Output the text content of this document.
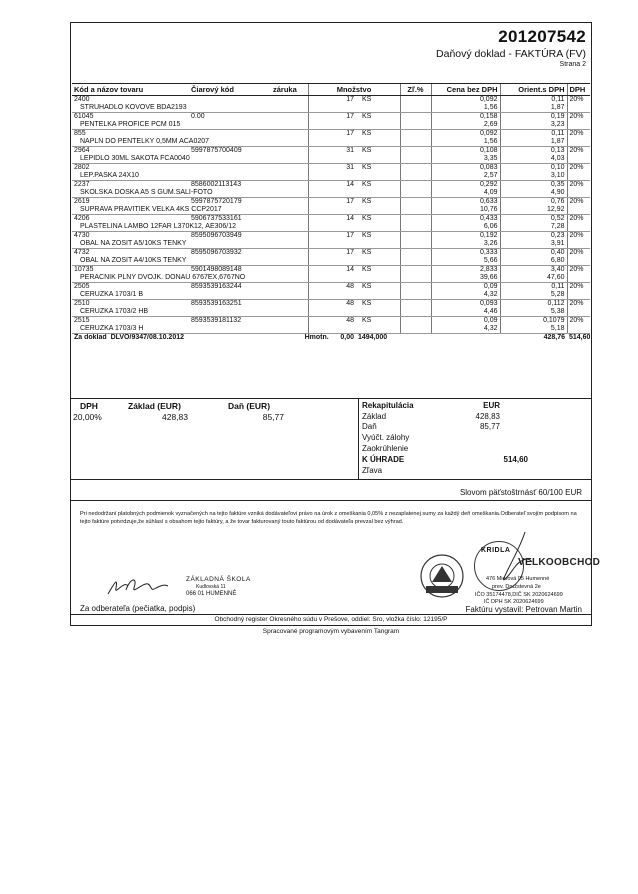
201207542
Daňový doklad - FAKTÚRA (FV)
Strana 2
Kód a názov tovaru	Čiarový kód	záruka	Množstvo		Zľ.%	Cena bez DPH	Orient.s DPH	DPH
2400			17	KS		0,092	0,11	20%
STRUHADLO KOVOVE BDA2193						1,56	1,87	
61045	0.00		17	KS		0,158	0,19	20%
PENTELKA PROFICE PCM 015						2,69	3,23	
855			17	KS		0,092	0,11	20%
NÁPLŇ DO PENTELKY 0,5MM ACA0207						1,56	1,87	
2964	5997875700409		31	KS		0,108	0,13	20%
LEPIDLO 30ML SAKOTA FCA0040						3,35	4,03	
2802			31	KS		0,083	0,10	20%
LEP.PASKA 24X10						2,57	3,10	
2237	8586002113143		14	KS		0,292	0,35	20%
ŠKOLSKÁ DOSKA A5 S GUM.SALI-FOTO						4,09	4,90	
2619	5997875720179		17	KS		0,633	0,76	20%
SUPRAVA PRAVITIEK VELKA 4KS CCP2017						10,76	12,92	
4206	5906737533161		14	KS		0,433	0,52	20%
PLASTELINA LAMBO 12FAR L370K12, AE306/12						6,06	7,28	
4730	8595096703949		17	KS		0,192	0,23	20%
OBAL NA ZOSIT A5/10KS TENKÝ						3,26	3,91	
4732	8595096703932		17	KS		0,333	0,40	20%
OBAL NA ZOŠIT A4/10KS TENKÝ						5,66	6,80	
10735	5901498089148		14	KS		2,833	3,40	20%
PERACNIK PLNY DVOJK. DONAU 6767EX,6767NO						39,66	47,60	
2505	8593539163244		48	KS		0,09	0,11	20%
CERUZKA 1703/1 B						4,32	5,28	
2510	8593539163251		48	KS		0,093	0,112	20%
CERUZKA 1703/2 HB						4,46	5,38	
2515	8593539181132		48	KS		0,09	0,1079	20%
CERUZKA 1703/3 H						4,32	5,18	
Za doklad DLVO/9347/08.10.2012		Hmotn. 0,00		1494,000			428,76	514,60
DPH	Základ (EUR)	Daň (EUR)
20,00%	428,83	85,77
Rekapitulácia	EUR
Základ	428,83
Daň	85,77
Vyúčt. zálohy
Zaokrúhlenie
K ÚHRADE	514,60
Zľava
Slovom päťstoštrnásť 60/100 EUR
Pri nedodržaní platobných podmienok vyznačených na tejto faktúre vzniká dodávateľovi právo na úrok z omeškania 0,05% z nezaplatenej sumy za každý deň omeškania.Odberateľ svojím podpisom na tejto faktúre potvrdzuje,že súhlasí s obsahom tejto faktúry, a že tovar fakturovaný touto faktúrou od dodávateľa prevzal bez výhrad.
ZÁKLADNÁ ŠKOLA
Kudlovská 11
066 01 HUMENNÉ
Za odberateľa (pečiatka, podpis)
KRIDLA
VELKOOBCHOD
476 Mierová 05 Humenné
prev. Družstevná 2e
IČO 35174478,DIČ SK 2020624699
IČ DPH SK 2020624699
Faktúru vystavil: Petrovan Martin
Obchodný register Okresného súdu v Prešove, oddiel: Sro, vložka číslo: 12195/P
Spracované programovým vybavením Tangram
